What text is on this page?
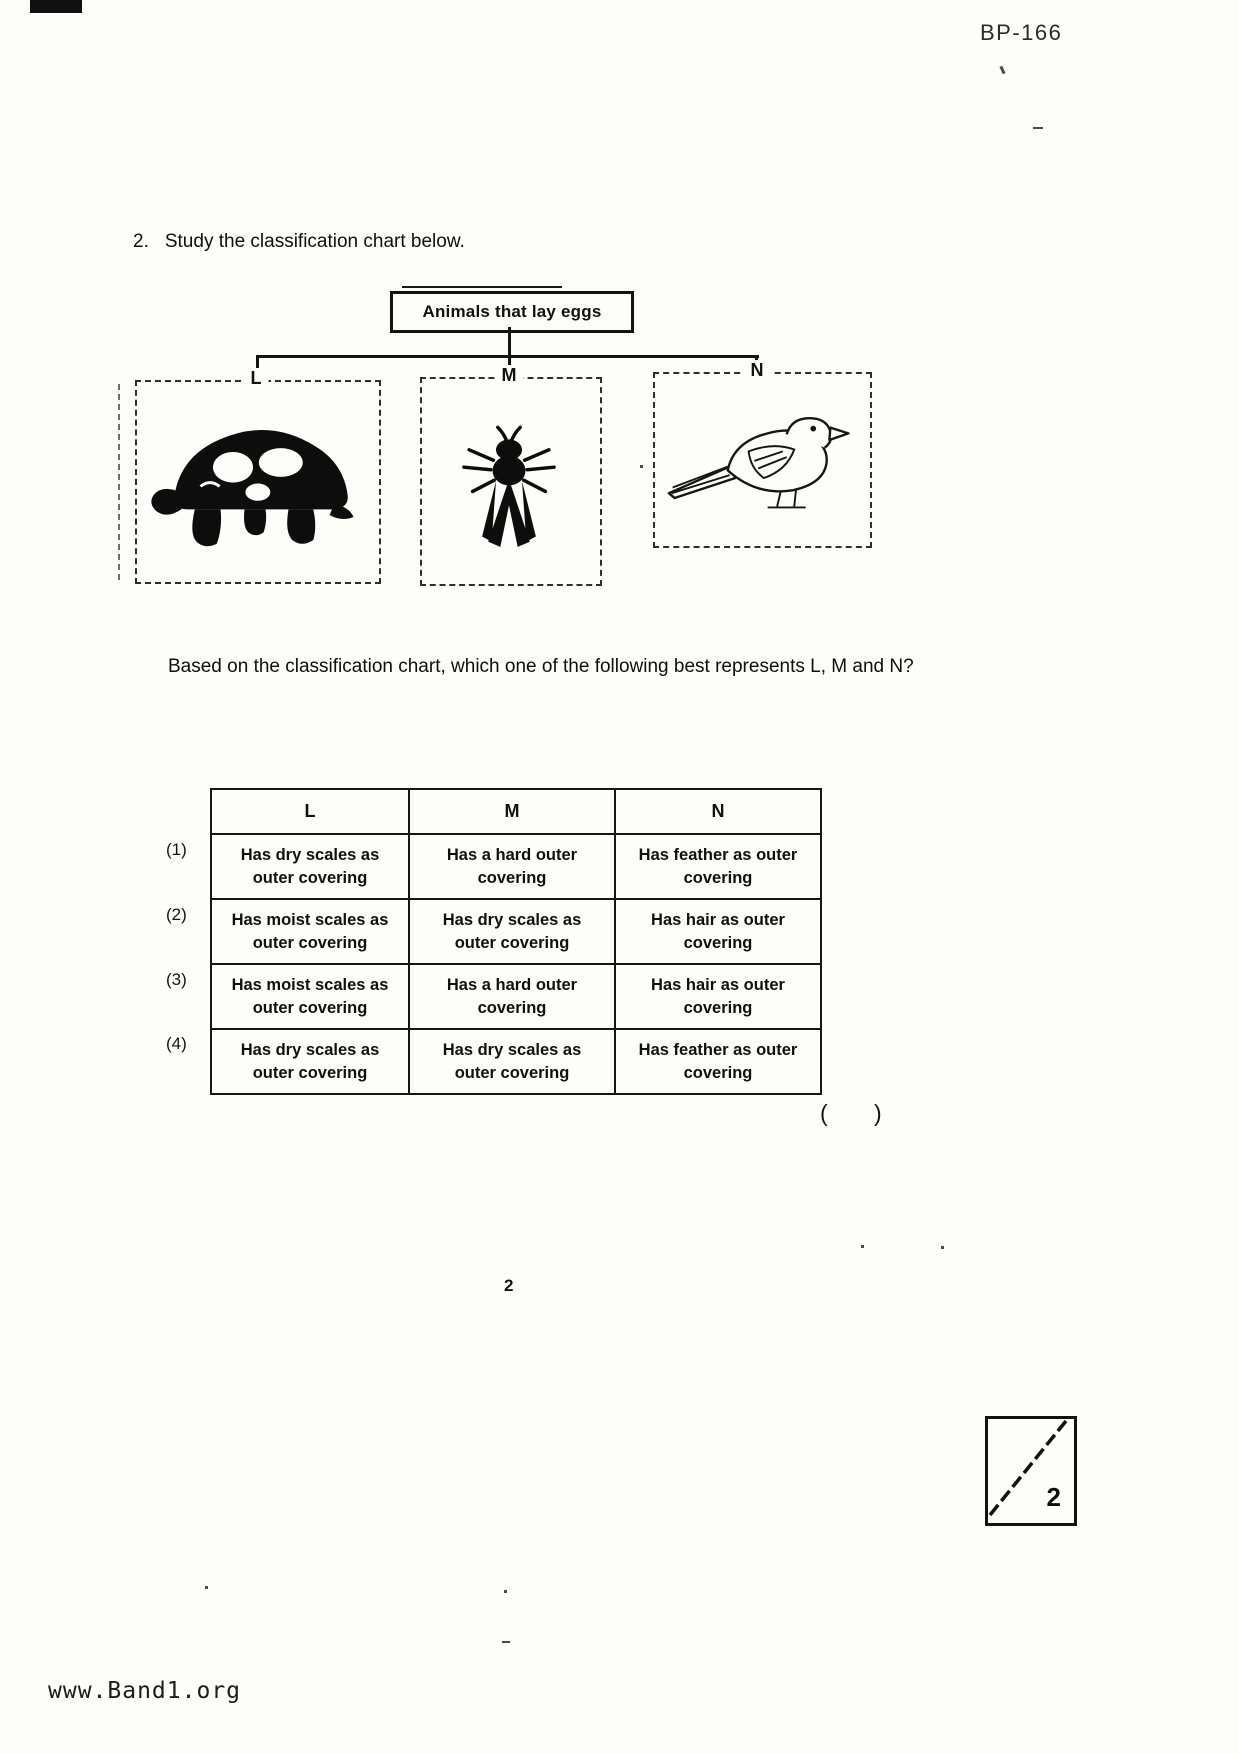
BP-166
2. Study the classification chart below.
Animals that lay eggs
L	M	N
Based on the classification chart, which one of the following best represents L, M and N?
(1)
(2)
(3)
(4)
L	M	N
Has dry scales as outer covering	Has a hard outer covering	Has feather as outer covering
Has moist scales as outer covering	Has dry scales as outer covering	Has hair as outer covering
Has moist scales as outer covering	Has a hard outer covering	Has hair as outer covering
Has dry scales as outer covering	Has dry scales as outer covering	Has feather as outer covering
( )
2
2
www.Band1.org
